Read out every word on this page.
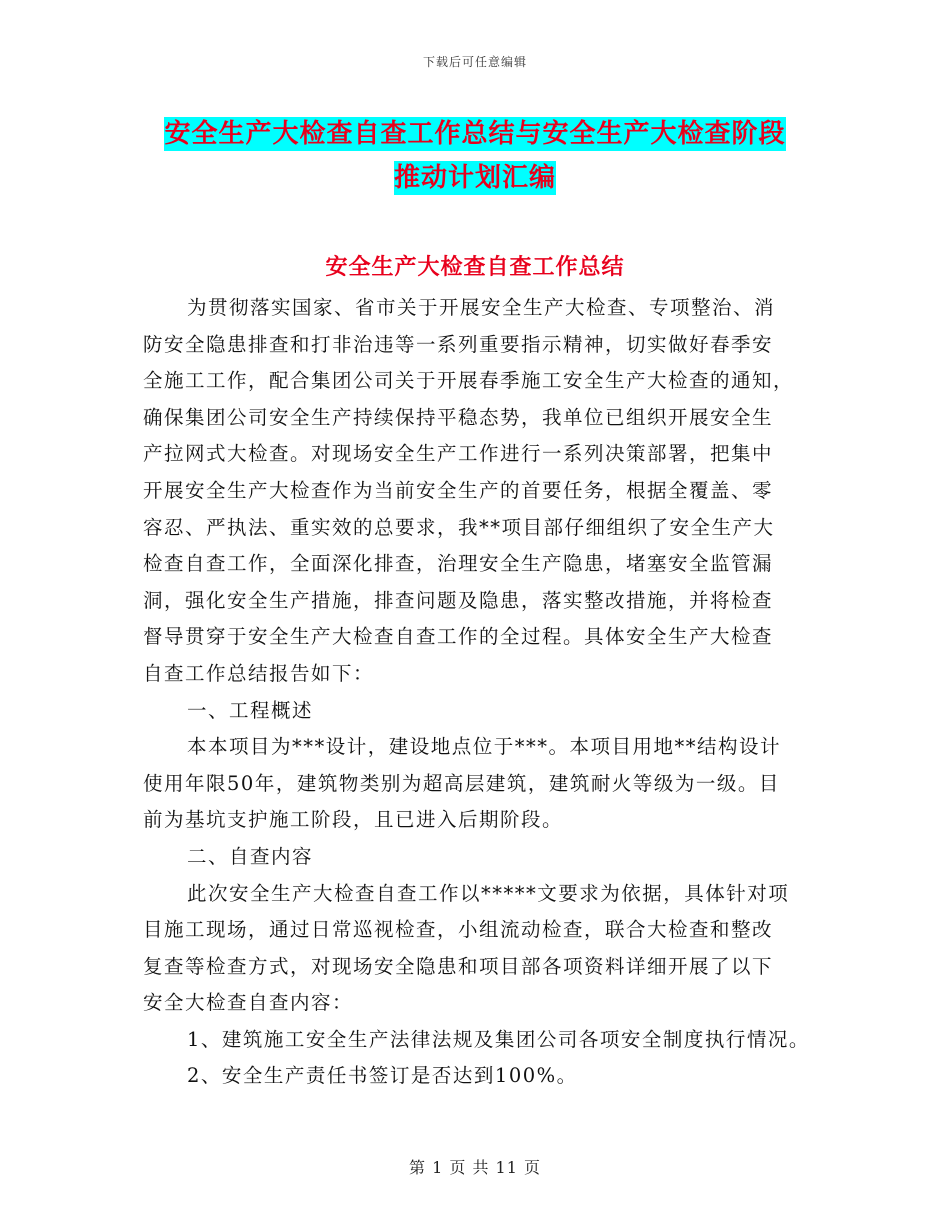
下载后可任意编辑
安全生产大检查自查工作总结与安全生产大检查阶段
推动计划汇编
安全生产大检查自查工作总结
为贯彻落实国家、省市关于开展安全生产大检查、专项整治、消
防安全隐患排查和打非治违等一系列重要指示精神，切实做好春季安
全施工工作，配合集团公司关于开展春季施工安全生产大检查的通知，
确保集团公司安全生产持续保持平稳态势，我单位已组织开展安全生
产拉网式大检查。对现场安全生产工作进行一系列决策部署，把集中
开展安全生产大检查作为当前安全生产的首要任务，根据全覆盖、零
容忍、严执法、重实效的总要求，我**项目部仔细组织了安全生产大
检查自查工作，全面深化排查，治理安全生产隐患，堵塞安全监管漏
洞，强化安全生产措施，排查问题及隐患，落实整改措施，并将检查
督导贯穿于安全生产大检查自查工作的全过程。具体安全生产大检查
自查工作总结报告如下：
一、工程概述
本本项目为***设计，建设地点位于***。本项目用地**结构设计
使用年限50年，建筑物类别为超高层建筑，建筑耐火等级为一级。目
前为基坑支护施工阶段，且已进入后期阶段。
二、自查内容
此次安全生产大检查自查工作以*****文要求为依据，具体针对项
目施工现场，通过日常巡视检查，小组流动检查，联合大检查和整改
复查等检查方式，对现场安全隐患和项目部各项资料详细开展了以下
安全大检查自查内容：
1、建筑施工安全生产法律法规及集团公司各项安全制度执行情况。
2、安全生产责任书签订是否达到100%。
第 1 页 共 11 页
